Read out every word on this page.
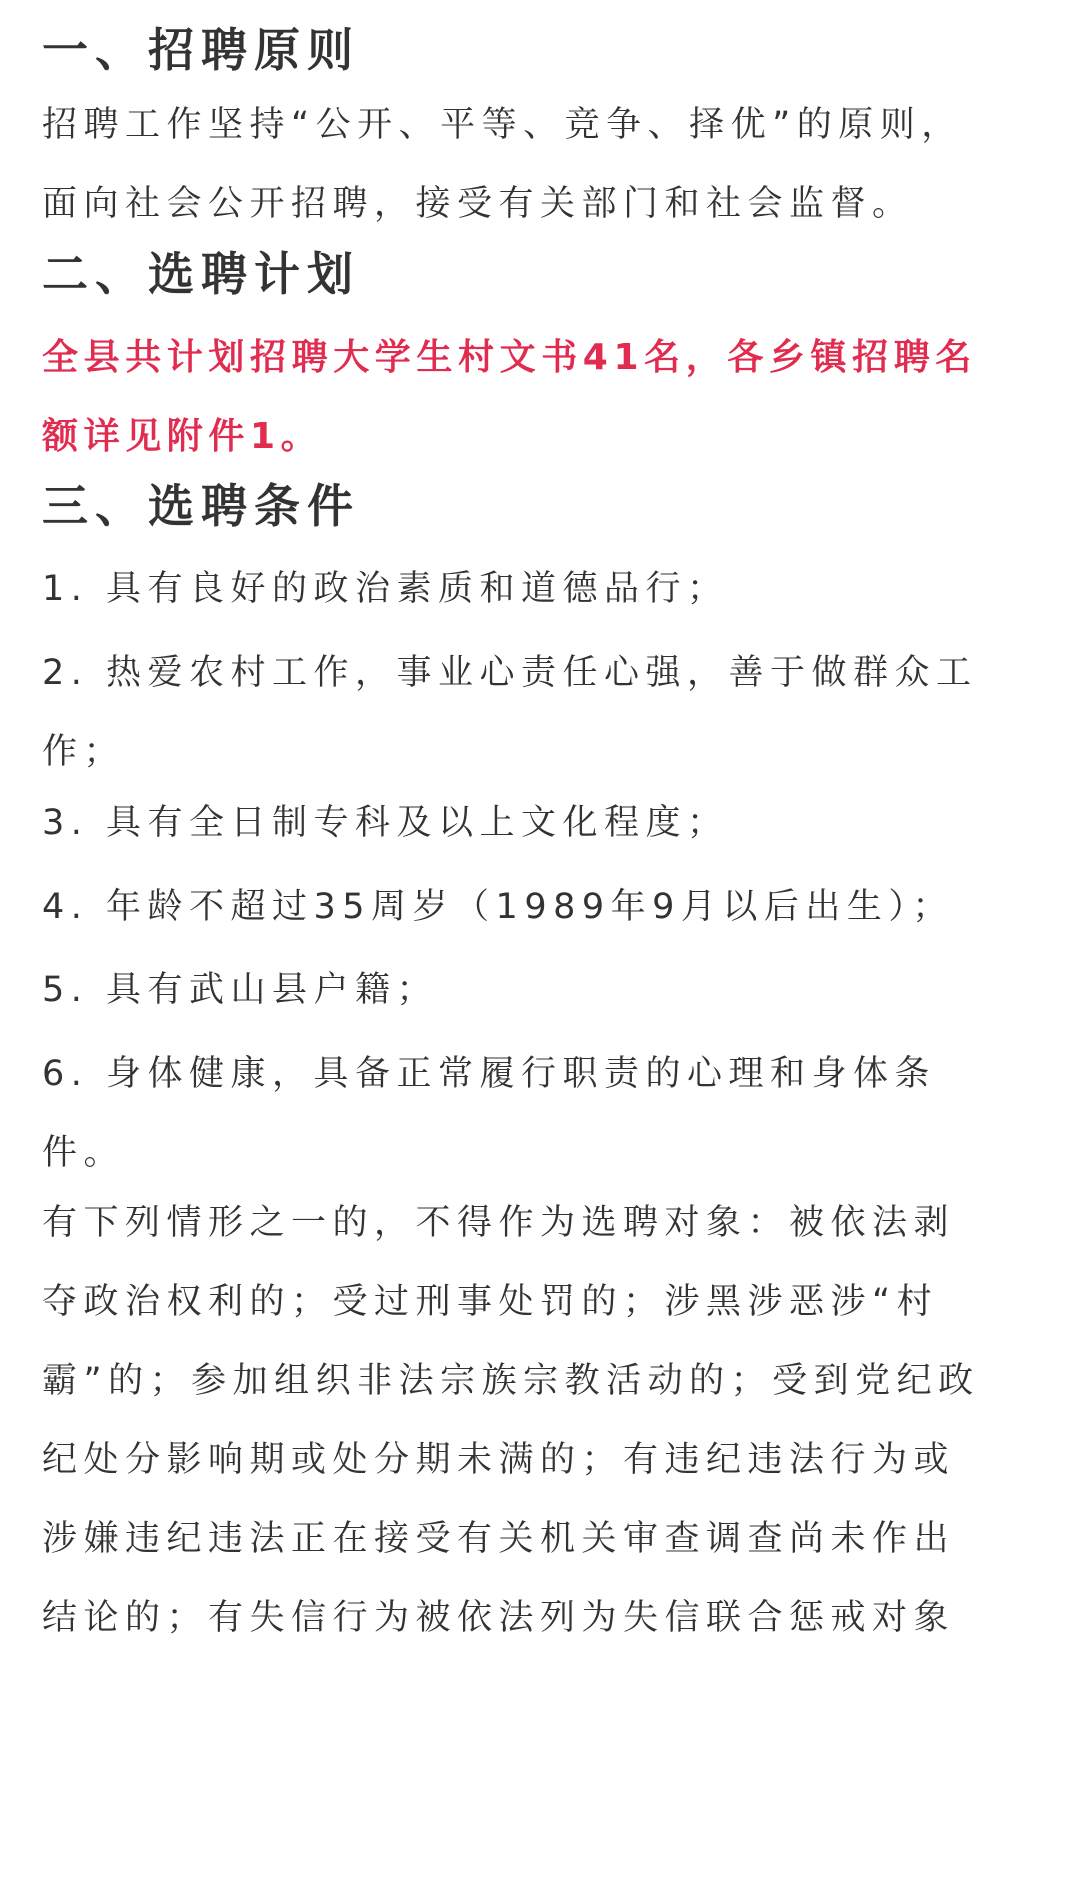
一、招聘原则

招聘工作坚持“公开、平等、竞争、择优”的原则，
面向社会公开招聘，接受有关部门和社会监督。

二、选聘计划

全县共计划招聘大学生村文书41名，各乡镇招聘名
额详见附件1。

三、选聘条件

1. 具有良好的政治素质和道德品行；

2. 热爱农村工作，事业心责任心强，善于做群众工
作；

3. 具有全日制专科及以上文化程度；

4. 年龄不超过35周岁（1989年9月以后出生）；

5. 具有武山县户籍；

6. 身体健康，具备正常履行职责的心理和身体条
件。

有下列情形之一的，不得作为选聘对象：被依法剥
夺政治权利的；受过刑事处罚的；涉黑涉恶涉“村
霸”的；参加组织非法宗族宗教活动的；受到党纪政
纪处分影响期或处分期未满的；有违纪违法行为或
涉嫌违纪违法正在接受有关机关审查调查尚未作出
结论的；有失信行为被依法列为失信联合惩戒对象
